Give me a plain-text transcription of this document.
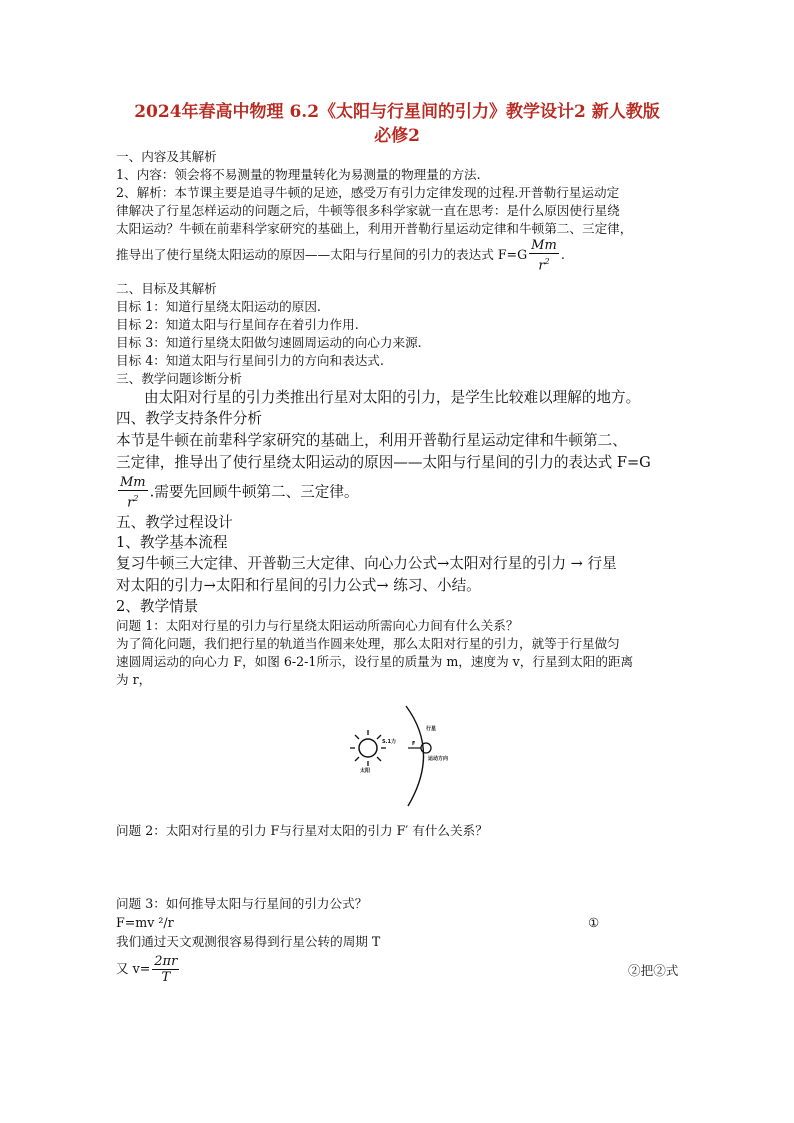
2024年春高中物理 6.2《太阳与行星间的引力》教学设计2 新人教版
必修2
一、内容及其解析
1、内容：领会将不易测量的物理量转化为易测量的物理量的方法.
2、解析：本节课主要是追寻牛顿的足迹，感受万有引力定律发现的过程.开普勒行星运动定
律解决了行星怎样运动的问题之后，牛顿等很多科学家就一直在思考：是什么原因使行星绕
太阳运动？牛顿在前辈科学家研究的基础上，利用开普勒行星运动定律和牛顿第二、三定律，
推导出了使行星绕太阳运动的原因——太阳与行星间的引力的表达式 $F=G \frac{Mm}{r^2}$ .
二、目标及其解析
目标 1：知道行星绕太阳运动的原因.
目标 2：知道太阳与行星间存在着引力作用.
目标 3：知道行星绕太阳做匀速圆周运动的向心力来源.
目标 4：知道太阳与行星间引力的方向和表达式.
三、教学问题诊断分析
由太阳对行星的引力类推出行星对太阳的引力，是学生比较难以理解的地方。
四、教学支持条件分析
本节是牛顿在前辈科学家研究的基础上，利用开普勒行星运动定律和牛顿第二、
三定律，推导出了使行星绕太阳运动的原因——太阳与行星间的引力的表达式 F=G
$\frac{Mm}{r^2}$ .需要先回顾牛顿第二、三定律。
五、教学过程设计
1、教学基本流程
复习牛顿三大定律、开普勒三大定律、向心力公式→太阳对行星的引力 → 行星
对太阳的引力→太阳和行星间的引力公式→ 练习、小结。
2、教学情景
问题 1：太阳对行星的引力与行星绕太阳运动所需向心力间有什么关系？
为了简化问题，我们把行星的轨道当作圆来处理，那么太阳对行星的引力，就等于行星做匀
速圆周运动的向心力 F，如图 6-2-1所示，设行星的质量为 m，速度为 v，行星到太阳的距离
为 r，
S.1力
太阳
行星
F
运动方向
问题 2：太阳对行星的引力 F与行星对太阳的引力 F′ 有什么关系？
问题 3：如何推导太阳与行星间的引力公式？
F=mv ²/r	①
我们通过天文观测很容易得到行星公转的周期 T
又 $v= \frac{2\pi r}{T}$	②把②式
